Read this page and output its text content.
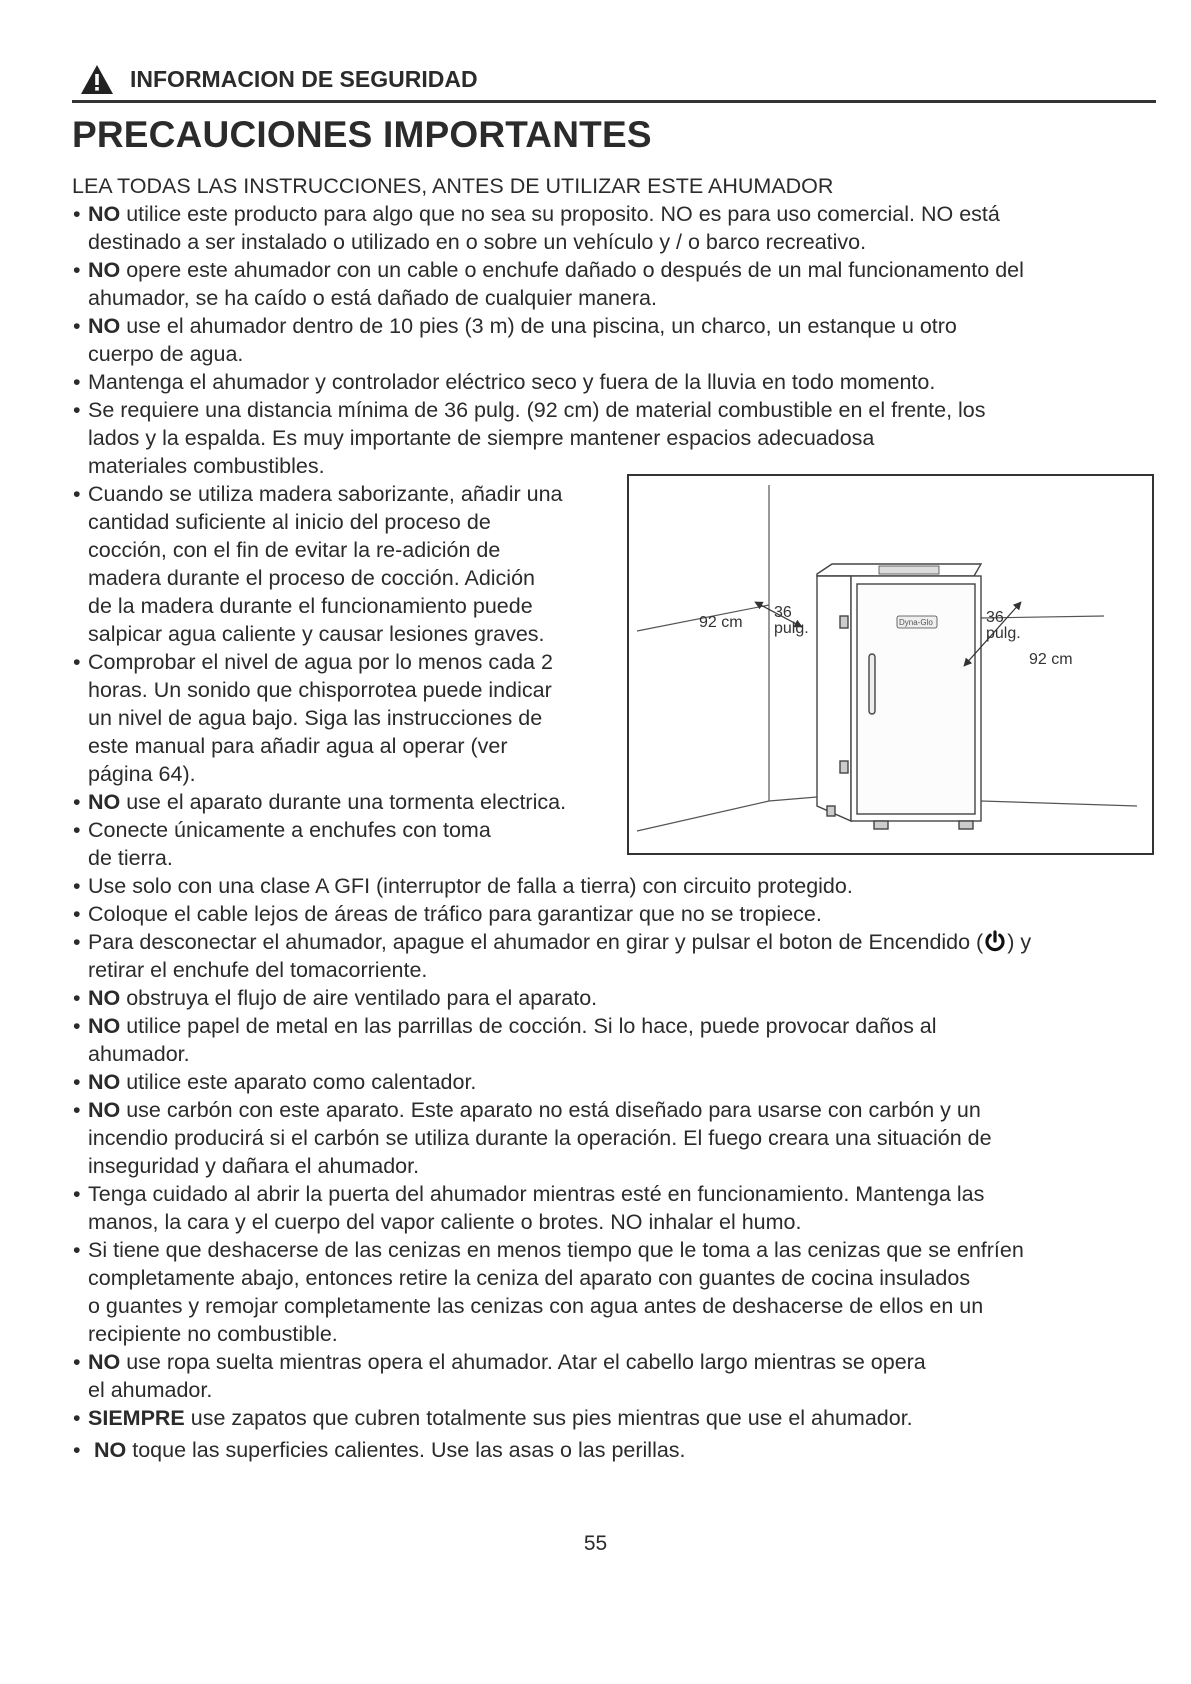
INFORMACION DE SEGURIDAD
PRECAUCIONES IMPORTANTES
LEA TODAS LAS INSTRUCCIONES, ANTES DE UTILIZAR ESTE AHUMADOR
• NO utilice este producto para algo que no sea su proposito. NO es para uso comercial. NO está
destinado a ser instalado o utilizado en o sobre un vehículo y / o barco recreativo.
• NO opere este ahumador con un cable o enchufe dañado o después de un mal funcionamento del
ahumador, se ha caído o está dañado de cualquier manera.
• NO use el ahumador dentro de 10 pies (3 m) de una piscina, un charco, un estanque u otro
cuerpo de agua.
• Mantenga el ahumador y controlador eléctrico seco y fuera de la lluvia en todo momento.
• Se requiere una distancia mínima de 36 pulg. (92 cm) de material combustible en el frente, los
lados y la espalda. Es muy importante de siempre mantener espacios adecuadosa
materiales combustibles.
• Cuando se utiliza madera saborizante, añadir una
cantidad suficiente al inicio del proceso de
cocción, con el fin de evitar la re-adición de
madera durante el proceso de cocción. Adición
de la madera durante el funcionamiento puede
salpicar agua caliente y causar lesiones graves.
• Comprobar el nivel de agua por lo menos cada 2
horas. Un sonido que chisporrotea puede indicar
un nivel de agua bajo. Siga las instrucciones de
este manual para añadir agua al operar (ver
página 64).
• NO use el aparato durante una tormenta electrica.
• Conecte únicamente a enchufes con toma
de tierra.
• Use solo con una clase A GFI (interruptor de falla a tierra) con circuito protegido.
• Coloque el cable lejos de áreas de tráfico para garantizar que no se tropiece.
• Para desconectar el ahumador, apague el ahumador en girar y pulsar el boton de Encendido ( ) y
retirar el enchufe del tomacorriente.
• NO obstruya el flujo de aire ventilado para el aparato.
• NO utilice papel de metal en las parrillas de cocción. Si lo hace, puede provocar daños al
ahumador.
• NO utilice este aparato como calentador.
• NO use carbón con este aparato. Este aparato no está diseñado para usarse con carbón y un
incendio producirá si el carbón se utiliza durante la operación. El fuego creara una situación de
inseguridad y dañara el ahumador.
• Tenga cuidado al abrir la puerta del ahumador mientras esté en funcionamiento. Mantenga las
manos, la cara y el cuerpo del vapor caliente o brotes. NO inhalar el humo.
• Si tiene que deshacerse de las cenizas en menos tiempo que le toma a las cenizas que se enfríen
completamente abajo, entonces retire la ceniza del aparato con guantes de cocina insulados
o guantes y remojar completamente las cenizas con agua antes de deshacerse de ellos en un
recipiente no combustible.
• NO use ropa suelta mientras opera el ahumador. Atar el cabello largo mientras se opera
el ahumador.
• SIEMPRE use zapatos que cubren totalmente sus pies mientras que use el ahumador.
• NO toque las superficies calientes. Use las asas o las perillas.
Dyna-Glo
92 cm
36
pulg.
36
pulg.
92 cm
55
